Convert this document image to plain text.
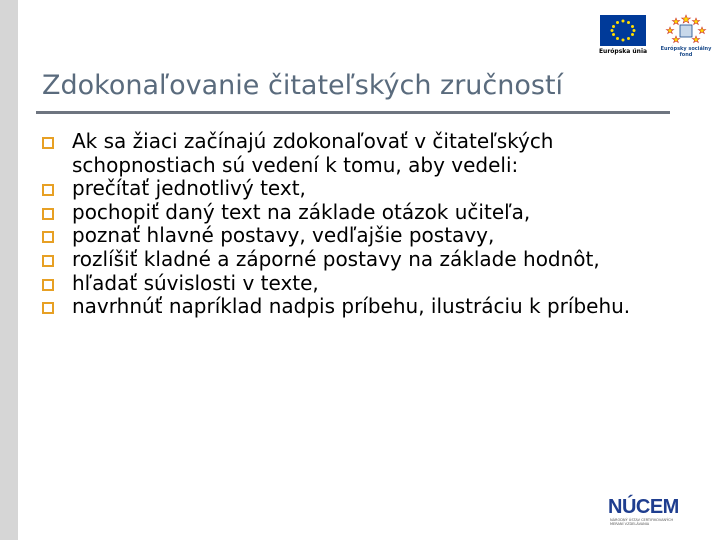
Európska únia	Európsky sociálny fond
Zdokonaľovanie čitateľských zručností
Ak sa žiaci začínajú zdokonaľovať v čitateľských schopnostiach sú vedení k tomu, aby vedeli:
prečítať jednotlivý text,
pochopiť daný text na základe otázok učiteľa,
poznať hlavné postavy, vedľajšie postavy,
rozlíšiť kladné a záporné postavy na základe hodnôt,
hľadať súvislosti v texte,
navrhnúť napríklad nadpis príbehu, ilustráciu k príbehu.
NÚCEM
NÁRODNÝ ÚSTAV CERTIFIKOVANÝCH MERANÍ VZDELÁVANIA
